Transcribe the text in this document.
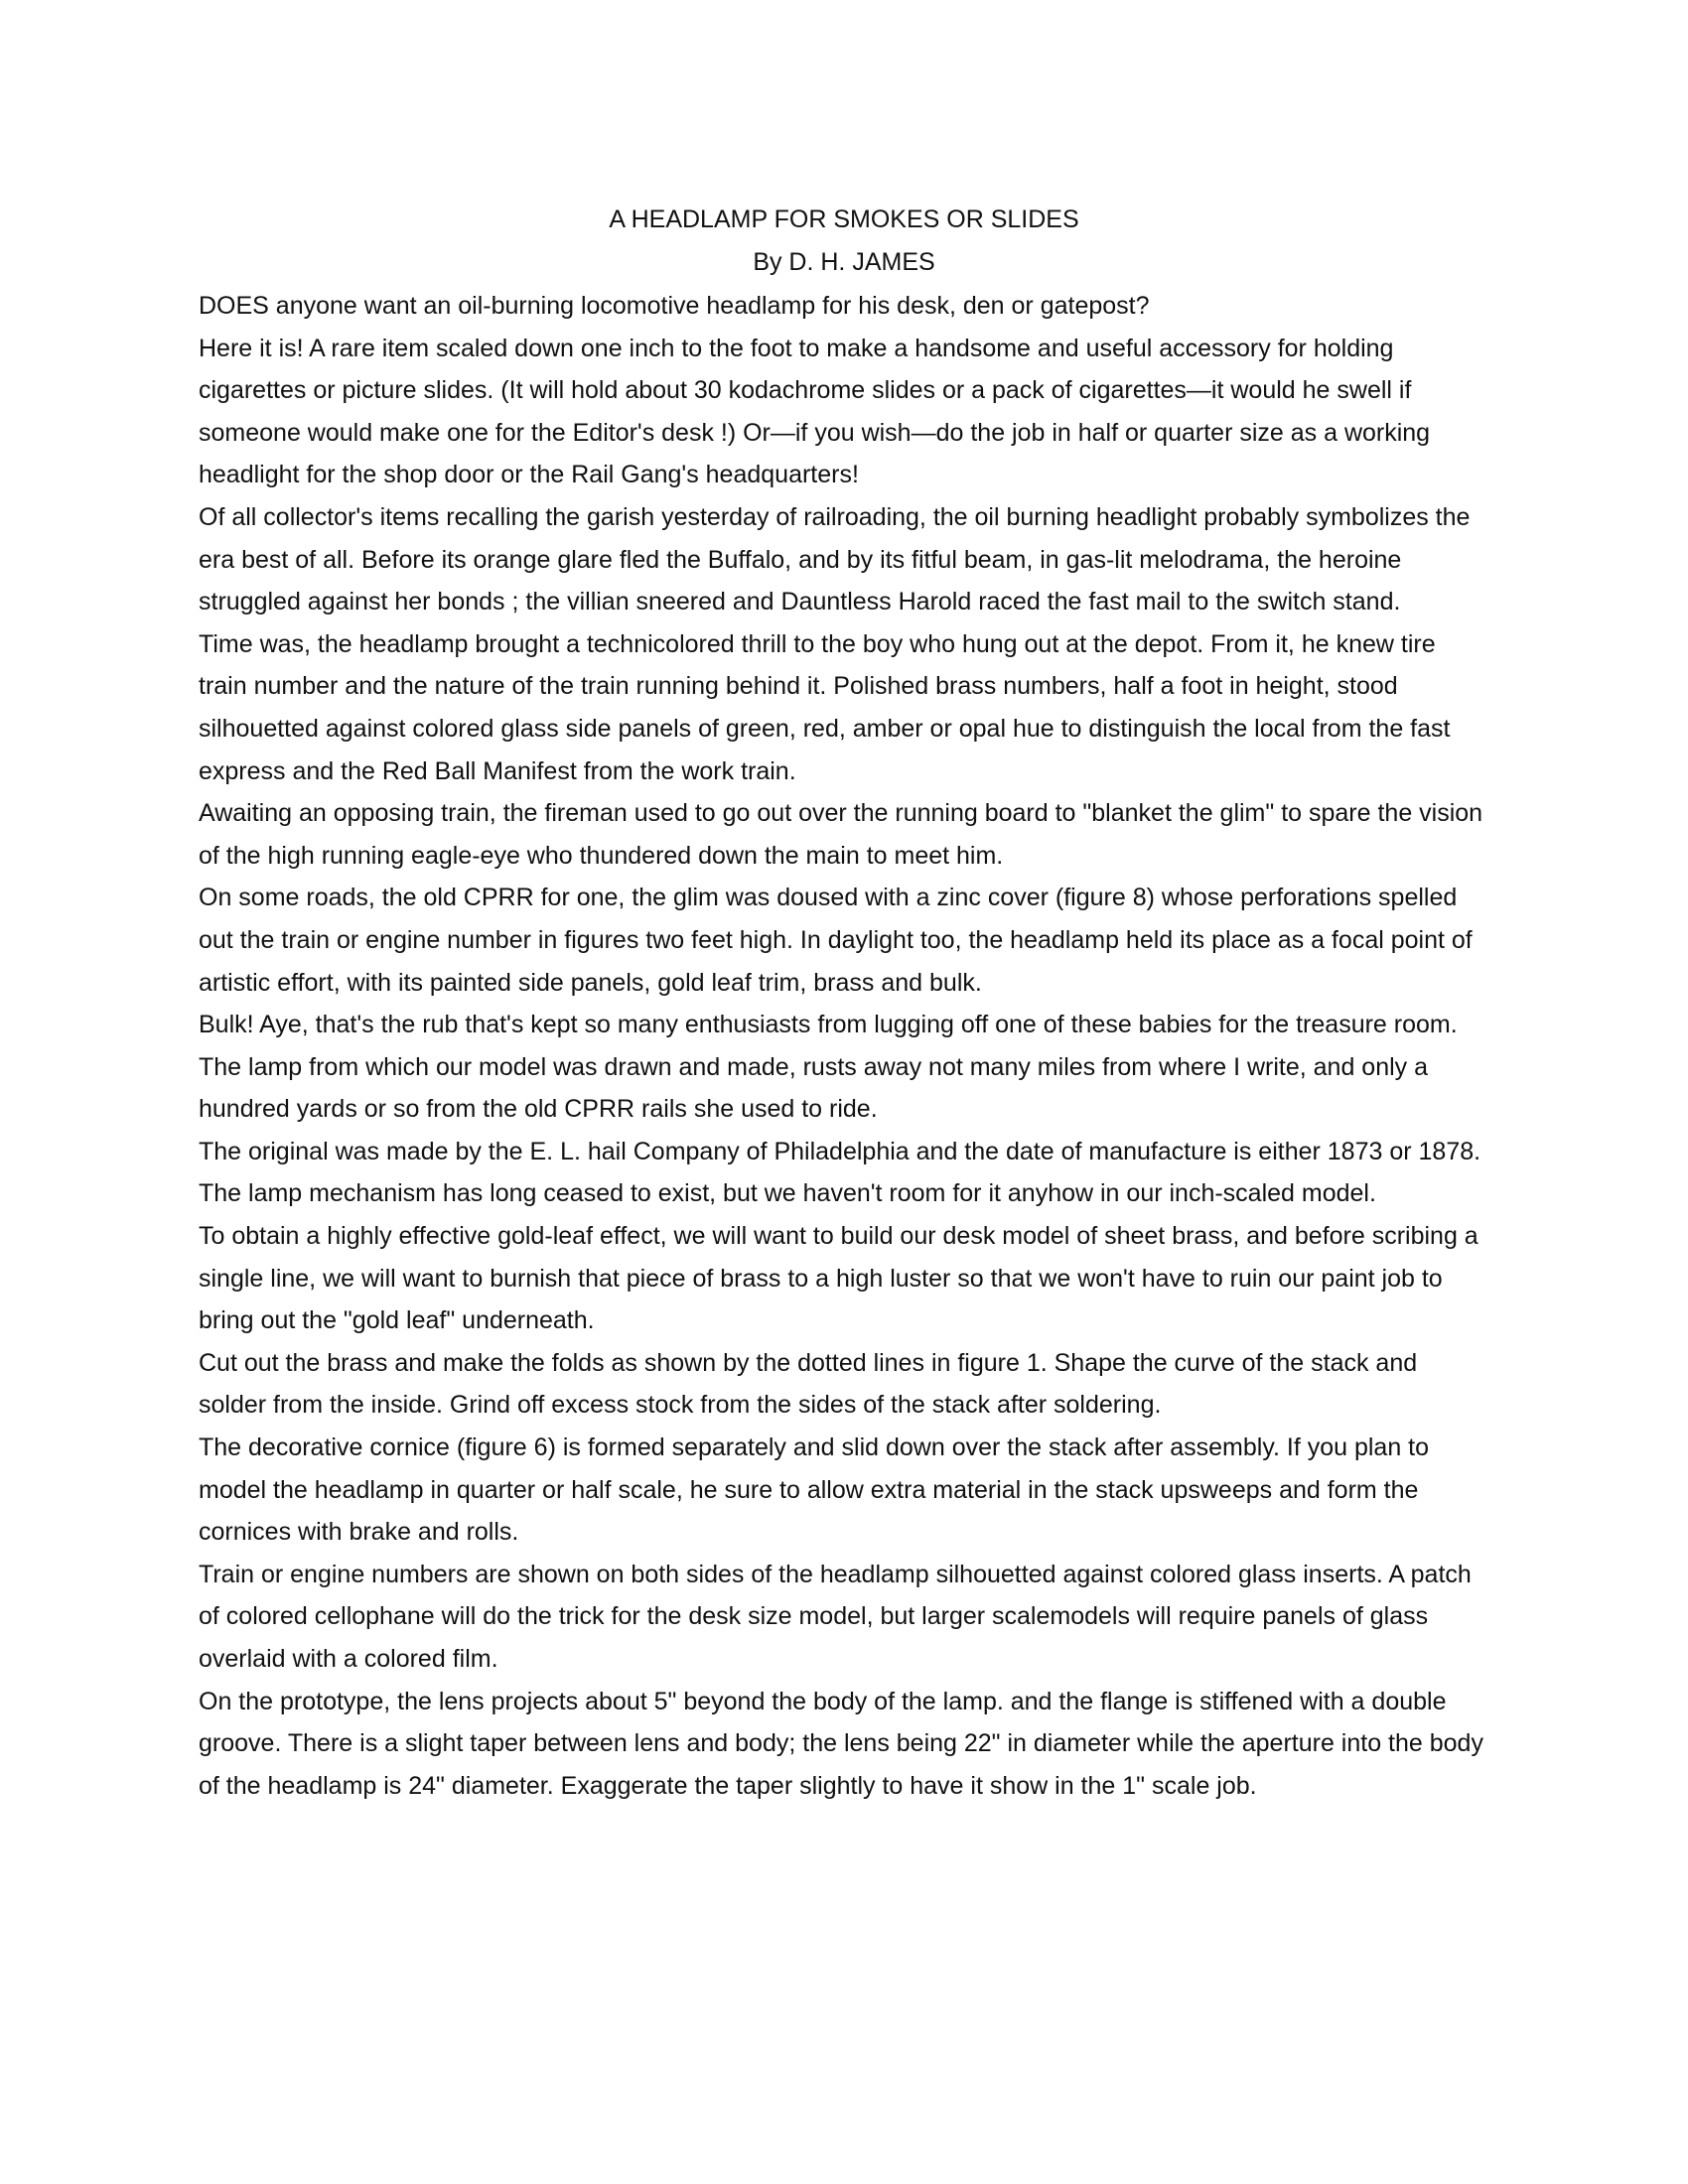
A HEADLAMP FOR SMOKES OR SLIDES
By D. H. JAMES

DOES anyone want an oil-burning locomotive headlamp for his desk, den or gatepost?

Here it is! A rare item scaled down one inch to the foot to make a handsome and useful accessory for holding cigarettes or picture slides. (It will hold about 30 kodachrome slides or a pack of cigarettes—it would he swell if someone would make one for the Editor's desk !) Or—if you wish—do the job in half or quarter size as a working headlight for the shop door or the Rail Gang's headquarters!

Of all collector's items recalling the garish yesterday of railroading, the oil burning headlight probably symbolizes the era best of all. Before its orange glare fled the Buffalo, and by its fitful beam, in gas-lit melodrama, the heroine struggled against her bonds ; the villian sneered and Dauntless Harold raced the fast mail to the switch stand.

Time was, the headlamp brought a technicolored thrill to the boy who hung out at the depot. From it, he knew tire train number and the nature of the train running behind it. Polished brass numbers, half a foot in height, stood silhouetted against colored glass side panels of green, red, amber or opal hue to distinguish the local from the fast express and the Red Ball Manifest from the work train.

Awaiting an opposing train, the fireman used to go out over the running board to "blanket the glim" to spare the vision of the high running eagle-eye who thundered down the main to meet him.

On some roads, the old CPRR for one, the glim was doused with a zinc cover (figure 8) whose perforations spelled out the train or engine number in figures two feet high. In daylight too, the headlamp held its place as a focal point of artistic effort, with its painted side panels, gold leaf trim, brass and bulk.

Bulk! Aye, that's the rub that's kept so many enthusiasts from lugging off one of these babies for the treasure room. The lamp from which our model was drawn and made, rusts away not many miles from where I write, and only a hundred yards or so from the old CPRR rails she used to ride.

The original was made by the E. L. hail Company of Philadelphia and the date of manufacture is either 1873 or 1878. The lamp mechanism has long ceased to exist, but we haven't room for it anyhow in our inch-scaled model.

To obtain a highly effective gold-leaf effect, we will want to build our desk model of sheet brass, and before scribing a single line, we will want to burnish that piece of brass to a high luster so that we won't have to ruin our paint job to bring out the "gold leaf" underneath.

Cut out the brass and make the folds as shown by the dotted lines in figure 1. Shape the curve of the stack and solder from the inside. Grind off excess stock from the sides of the stack after soldering.

The decorative cornice (figure 6) is formed separately and slid down over the stack after assembly. If you plan to model the headlamp in quarter or half scale, he sure to allow extra material in the stack upsweeps and form the cornices with brake and rolls.

Train or engine numbers are shown on both sides of the headlamp silhouetted against colored glass inserts. A patch of colored cellophane will do the trick for the desk size model, but larger scalemodels will require panels of glass overlaid with a colored film.

On the prototype, the lens projects about 5" beyond the body of the lamp. and the flange is stiffened with a double groove. There is a slight taper between lens and body; the lens being 22" in diameter while the aperture into the body of the headlamp is 24" diameter. Exaggerate the taper slightly to have it show in the 1" scale job.
